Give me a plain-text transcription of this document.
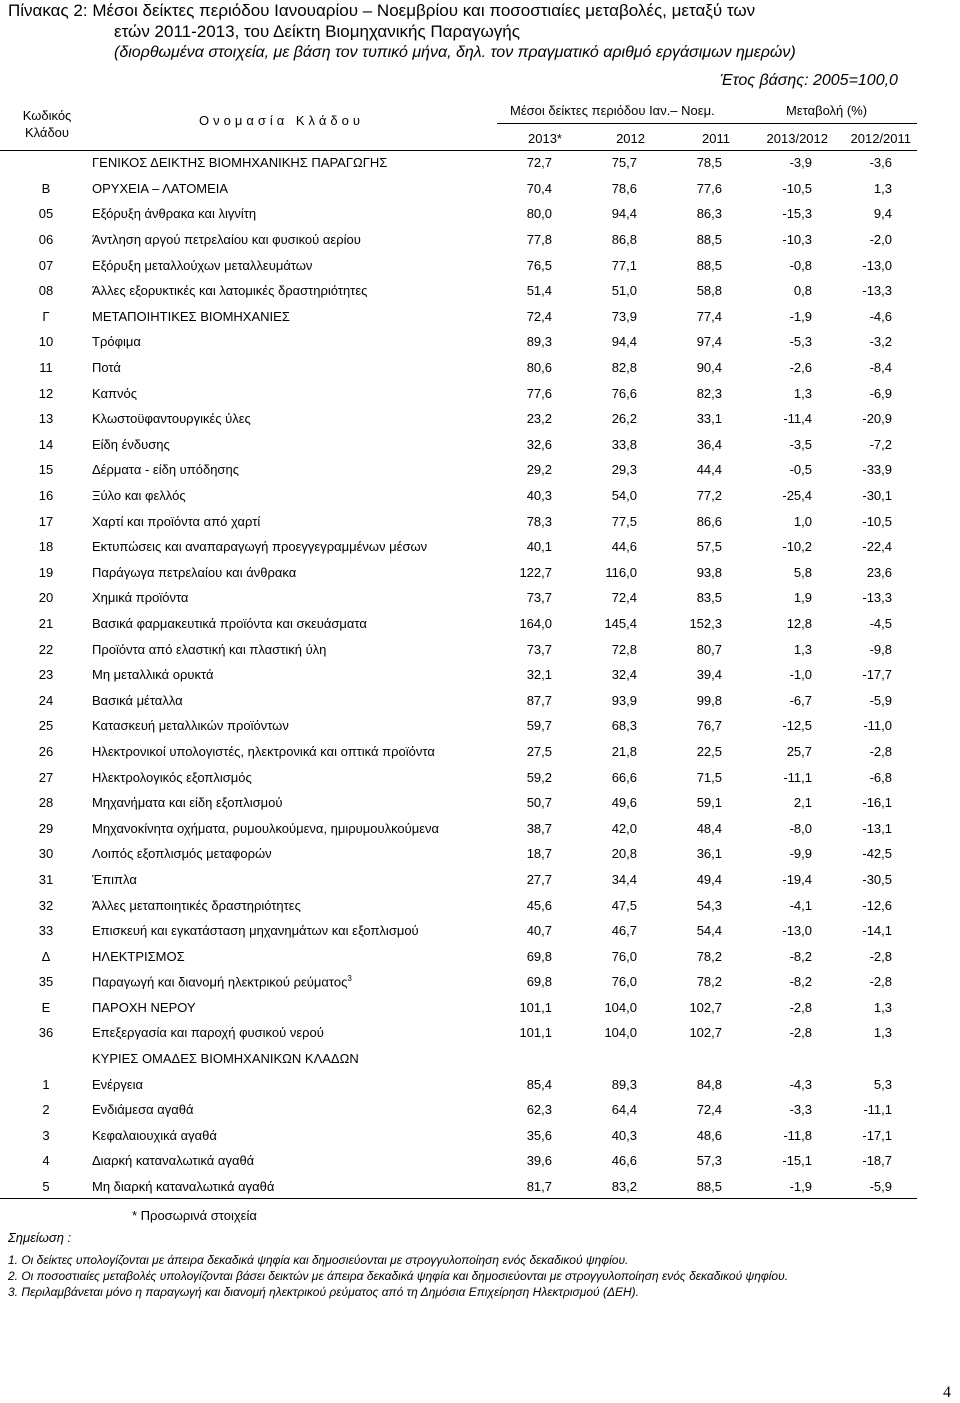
Πίνακας 2: Μέσοι δείκτες περιόδου Ιανουαρίου – Νοεμβρίου και ποσοστιαίες μεταβολές, μεταξύ των
ετών 2011-2013, του Δείκτη Βιομηχανικής Παραγωγής
(διορθωμένα στοιχεία, με βάση τον τυπικό μήνα, δηλ. τον πραγματικό αριθμό εργάσιμων ημερών)
Έτος βάσης: 2005=100,0
Κωδικός Κλάδου
Ονομασία Κλάδου
Μέσοι δείκτες περιόδου Ιαν.– Νοεμ.	Μεταβολή (%)
2013*	2012	2011	2013/2012	2012/2011
	ΓΕΝΙΚΟΣ ΔΕΙΚΤΗΣ ΒΙΟΜΗΧΑΝΙΚΗΣ ΠΑΡΑΓΩΓΗΣ	72,7	75,7	78,5	-3,9	-3,6
Β	ΟΡΥΧΕΙΑ – ΛΑΤΟΜΕΙΑ	70,4	78,6	77,6	-10,5	1,3
05	Εξόρυξη άνθρακα και λιγνίτη	80,0	94,4	86,3	-15,3	9,4
06	Άντληση αργού πετρελαίου και φυσικού αερίου	77,8	86,8	88,5	-10,3	-2,0
07	Εξόρυξη μεταλλούχων μεταλλευμάτων	76,5	77,1	88,5	-0,8	-13,0
08	Άλλες εξορυκτικές και λατομικές δραστηριότητες	51,4	51,0	58,8	0,8	-13,3
Γ	ΜΕΤΑΠΟΙΗΤΙΚΕΣ ΒΙΟΜΗΧΑΝΙΕΣ	72,4	73,9	77,4	-1,9	-4,6
10	Τρόφιμα	89,3	94,4	97,4	-5,3	-3,2
11	Ποτά	80,6	82,8	90,4	-2,6	-8,4
12	Καπνός	77,6	76,6	82,3	1,3	-6,9
13	Κλωστοϋφαντουργικές ύλες	23,2	26,2	33,1	-11,4	-20,9
14	Είδη ένδυσης	32,6	33,8	36,4	-3,5	-7,2
15	Δέρματα - είδη υπόδησης	29,2	29,3	44,4	-0,5	-33,9
16	Ξύλο και φελλός	40,3	54,0	77,2	-25,4	-30,1
17	Χαρτί και προϊόντα από χαρτί	78,3	77,5	86,6	1,0	-10,5
18	Εκτυπώσεις και αναπαραγωγή προεγγεγραμμένων μέσων	40,1	44,6	57,5	-10,2	-22,4
19	Παράγωγα πετρελαίου και άνθρακα	122,7	116,0	93,8	5,8	23,6
20	Χημικά προϊόντα	73,7	72,4	83,5	1,9	-13,3
21	Βασικά φαρμακευτικά προϊόντα και σκευάσματα	164,0	145,4	152,3	12,8	-4,5
22	Προϊόντα από ελαστική και πλαστική ύλη	73,7	72,8	80,7	1,3	-9,8
23	Μη μεταλλικά ορυκτά	32,1	32,4	39,4	-1,0	-17,7
24	Βασικά μέταλλα	87,7	93,9	99,8	-6,7	-5,9
25	Κατασκευή μεταλλικών προϊόντων	59,7	68,3	76,7	-12,5	-11,0
26	Ηλεκτρονικοί υπολογιστές, ηλεκτρονικά και οπτικά προϊόντα	27,5	21,8	22,5	25,7	-2,8
27	Ηλεκτρολογικός εξοπλισμός	59,2	66,6	71,5	-11,1	-6,8
28	Μηχανήματα και είδη εξοπλισμού	50,7	49,6	59,1	2,1	-16,1
29	Μηχανοκίνητα οχήματα, ρυμουλκούμενα, ημιρυμουλκούμενα	38,7	42,0	48,4	-8,0	-13,1
30	Λοιπός εξοπλισμός μεταφορών	18,7	20,8	36,1	-9,9	-42,5
31	Έπιπλα	27,7	34,4	49,4	-19,4	-30,5
32	Άλλες μεταποιητικές δραστηριότητες	45,6	47,5	54,3	-4,1	-12,6
33	Επισκευή και εγκατάσταση μηχανημάτων και εξοπλισμού	40,7	46,7	54,4	-13,0	-14,1
Δ	ΗΛΕΚΤΡΙΣΜΟΣ	69,8	76,0	78,2	-8,2	-2,8
35	Παραγωγή και διανομή ηλεκτρικού ρεύματος$^3$	69,8	76,0	78,2	-8,2	-2,8
Ε	ΠΑΡΟΧΗ ΝΕΡΟΥ	101,1	104,0	102,7	-2,8	1,3
36	Επεξεργασία και παροχή φυσικού νερού	101,1	104,0	102,7	-2,8	1,3
	ΚΥΡΙΕΣ ΟΜΑΔΕΣ ΒΙΟΜΗΧΑΝΙΚΩΝ ΚΛΑΔΩΝ					
1	Ενέργεια	85,4	89,3	84,8	-4,3	5,3
2	Ενδιάμεσα αγαθά	62,3	64,4	72,4	-3,3	-11,1
3	Κεφαλαιουχικά αγαθά	35,6	40,3	48,6	-11,8	-17,1
4	Διαρκή καταναλωτικά αγαθά	39,6	46,6	57,3	-15,1	-18,7
5	Μη διαρκή καταναλωτικά αγαθά	81,7	83,2	88,5	-1,9	-5,9
* Προσωρινά στοιχεία
Σημείωση :
1. Οι δείκτες υπολογίζονται με άπειρα δεκαδικά ψηφία και δημοσιεύονται με στρογγυλοποίηση ενός δεκαδικού ψηφίου.
2. Οι ποσοστιαίες μεταβολές υπολογίζονται βάσει δεικτών με άπειρα δεκαδικά ψηφία και δημοσιεύονται με στρογγυλοποίηση ενός δεκαδικού ψηφίου.
3. Περιλαμβάνεται μόνο η παραγωγή και διανομή ηλεκτρικού ρεύματος από τη Δημόσια Επιχείρηση Ηλεκτρισμού (ΔΕΗ).
4
